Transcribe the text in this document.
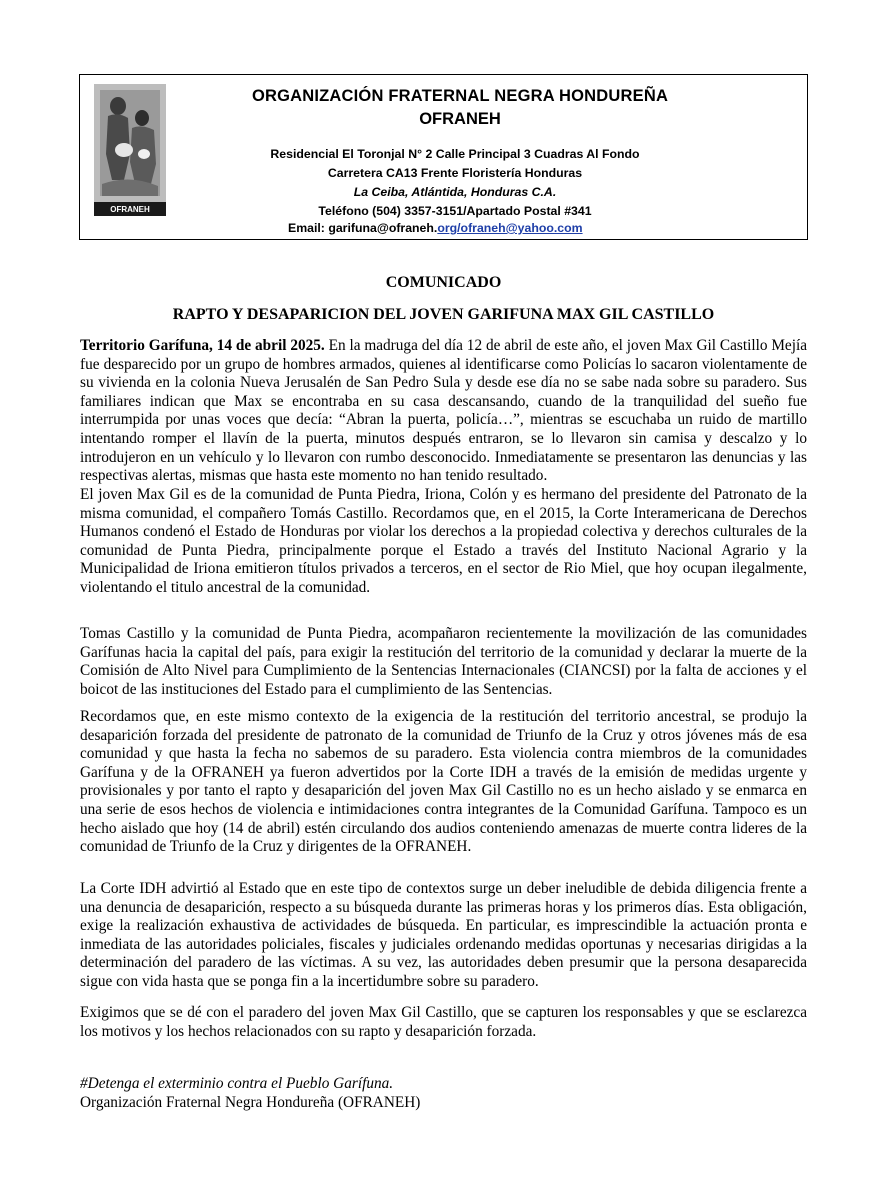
OFRANEH
ORGANIZACIÓN FRATERNAL NEGRA HONDUREÑA
OFRANEH
Residencial El Toronjal N° 2 Calle Principal 3 Cuadras Al Fondo
Carretera CA13 Frente Floristería Honduras
La Ceiba, Atlántida, Honduras C.A.
Teléfono (504) 3357-3151/Apartado Postal #341
Email: garifuna@ofraneh.org/ofraneh@yahoo.com
COMUNICADO
RAPTO Y DESAPARICION DEL JOVEN GARIFUNA MAX GIL CASTILLO

Territorio Garífuna, 14 de abril 2025. En la madruga del día 12 de abril de este año, el joven Max Gil Castillo Mejía fue desparecido por un grupo de hombres armados, quienes al identificarse como Policías lo sacaron violentamente de su vivienda en la colonia Nueva Jerusalén de San Pedro Sula y desde ese día no se sabe nada sobre su paradero. Sus familiares indican que Max se encontraba en su casa descansando, cuando de la tranquilidad del sueño fue interrumpida por unas voces que decía: “Abran la puerta, policía…”, mientras se escuchaba un ruido de martillo intentando romper el llavín de la puerta, minutos después entraron, se lo llevaron sin camisa y descalzo y lo introdujeron en un vehículo y lo llevaron con rumbo desconocido. Inmediatamente se presentaron las denuncias y las respectivas alertas, mismas que hasta este momento no han tenido resultado.

El joven Max Gil es de la comunidad de Punta Piedra, Iriona, Colón y es hermano del presidente del Patronato de la misma comunidad, el compañero Tomás Castillo. Recordamos que, en el 2015, la Corte Interamericana de Derechos Humanos condenó el Estado de Honduras por violar los derechos a la propiedad colectiva y derechos culturales de la comunidad de Punta Piedra, principalmente porque el Estado a través del Instituto Nacional Agrario y la Municipalidad de Iriona emitieron títulos privados a terceros, en el sector de Rio Miel, que hoy ocupan ilegalmente, violentando el titulo ancestral de la comunidad.

Tomas Castillo y la comunidad de Punta Piedra, acompañaron recientemente la movilización de las comunidades Garífunas hacia la capital del país, para exigir la restitución del territorio de la comunidad y declarar la muerte de la Comisión de Alto Nivel para Cumplimiento de la Sentencias Internacionales (CIANCSI) por la falta de acciones y el boicot de las instituciones del Estado para el cumplimiento de las Sentencias.

Recordamos que, en este mismo contexto de la exigencia de la restitución del territorio ancestral, se produjo la desaparición forzada del presidente de patronato de la comunidad de Triunfo de la Cruz y otros jóvenes más de esa comunidad y que hasta la fecha no sabemos de su paradero. Esta violencia contra miembros de la comunidades Garífuna y de la OFRANEH ya fueron advertidos por la Corte IDH a través de la emisión de medidas urgente y provisionales y por tanto el rapto y desaparición del joven Max Gil Castillo no es un hecho aislado y se enmarca en una serie de esos hechos de violencia e intimidaciones contra integrantes de la Comunidad Garífuna. Tampoco es un hecho aislado que hoy (14 de abril) estén circulando dos audios conteniendo amenazas de muerte contra lideres de la comunidad de Triunfo de la Cruz y dirigentes de la OFRANEH.

La Corte IDH advirtió al Estado que en este tipo de contextos surge un deber ineludible de debida diligencia frente a una denuncia de desaparición, respecto a su búsqueda durante las primeras horas y los primeros días. Esta obligación, exige la realización exhaustiva de actividades de búsqueda. En particular, es imprescindible la actuación pronta e inmediata de las autoridades policiales, fiscales y judiciales ordenando medidas oportunas y necesarias dirigidas a la determinación del paradero de las víctimas. A su vez, las autoridades deben presumir que la persona desaparecida sigue con vida hasta que se ponga fin a la incertidumbre sobre su paradero.

Exigimos que se dé con el paradero del joven Max Gil Castillo, que se capturen los responsables y que se esclarezca los motivos y los hechos relacionados con su rapto y desaparición forzada.

#Detenga el exterminio contra el Pueblo Garífuna.
Organización Fraternal Negra Hondureña (OFRANEH)
